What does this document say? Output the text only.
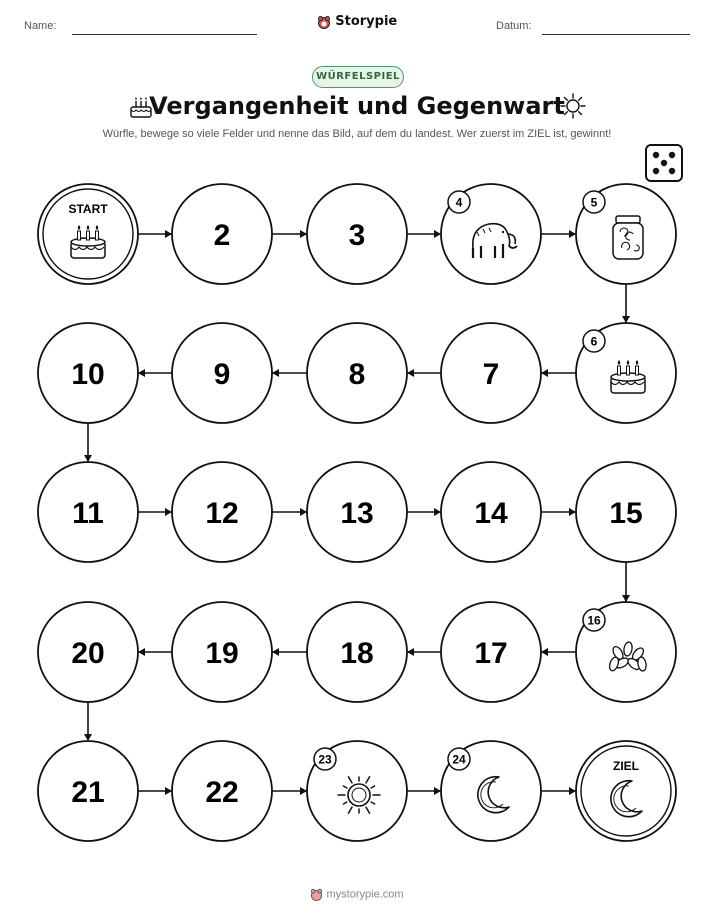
Name:	Storypie	Datum:
WÜRFELSPIEL
Vergangenheit und Gegenwart
Würfle, bewege so viele Felder und nenne das Bild, auf dem du landest. Wer zuerst im ZIEL ist, gewinnt!
START
2	3
4	5
6
7
8
9
10
11	12	13	14	15
16
17
18
19
20
21	22
23	24	ZIEL
mystorypie.com
